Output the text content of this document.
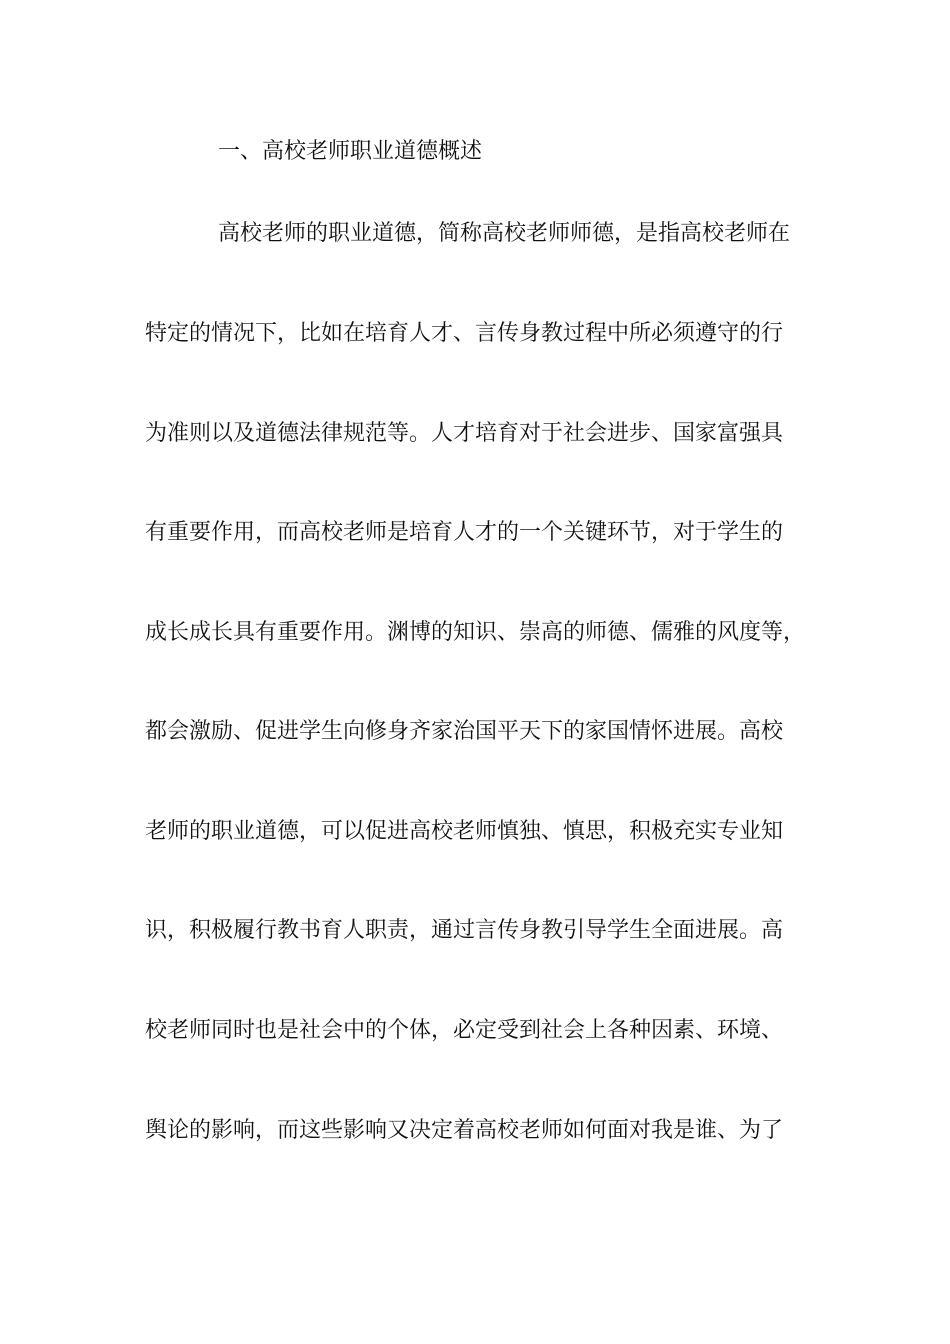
一、高校老师职业道德概述
高校老师的职业道德，简称高校老师师德，是指高校老师在
特定的情况下，比如在培育人才、言传身教过程中所必须遵守的行
为准则以及道德法律规范等。人才培育对于社会进步、国家富强具
有重要作用，而高校老师是培育人才的一个关键环节，对于学生的
成长成长具有重要作用。渊博的知识、崇高的师德、儒雅的风度等，
都会激励、促进学生向修身齐家治国平天下的家国情怀进展。高校
老师的职业道德，可以促进高校老师慎独、慎思，积极充实专业知
识，积极履行教书育人职责，通过言传身教引导学生全面进展。高
校老师同时也是社会中的个体，必定受到社会上各种因素、环境、
舆论的影响，而这些影响又决定着高校老师如何面对我是谁、为了
